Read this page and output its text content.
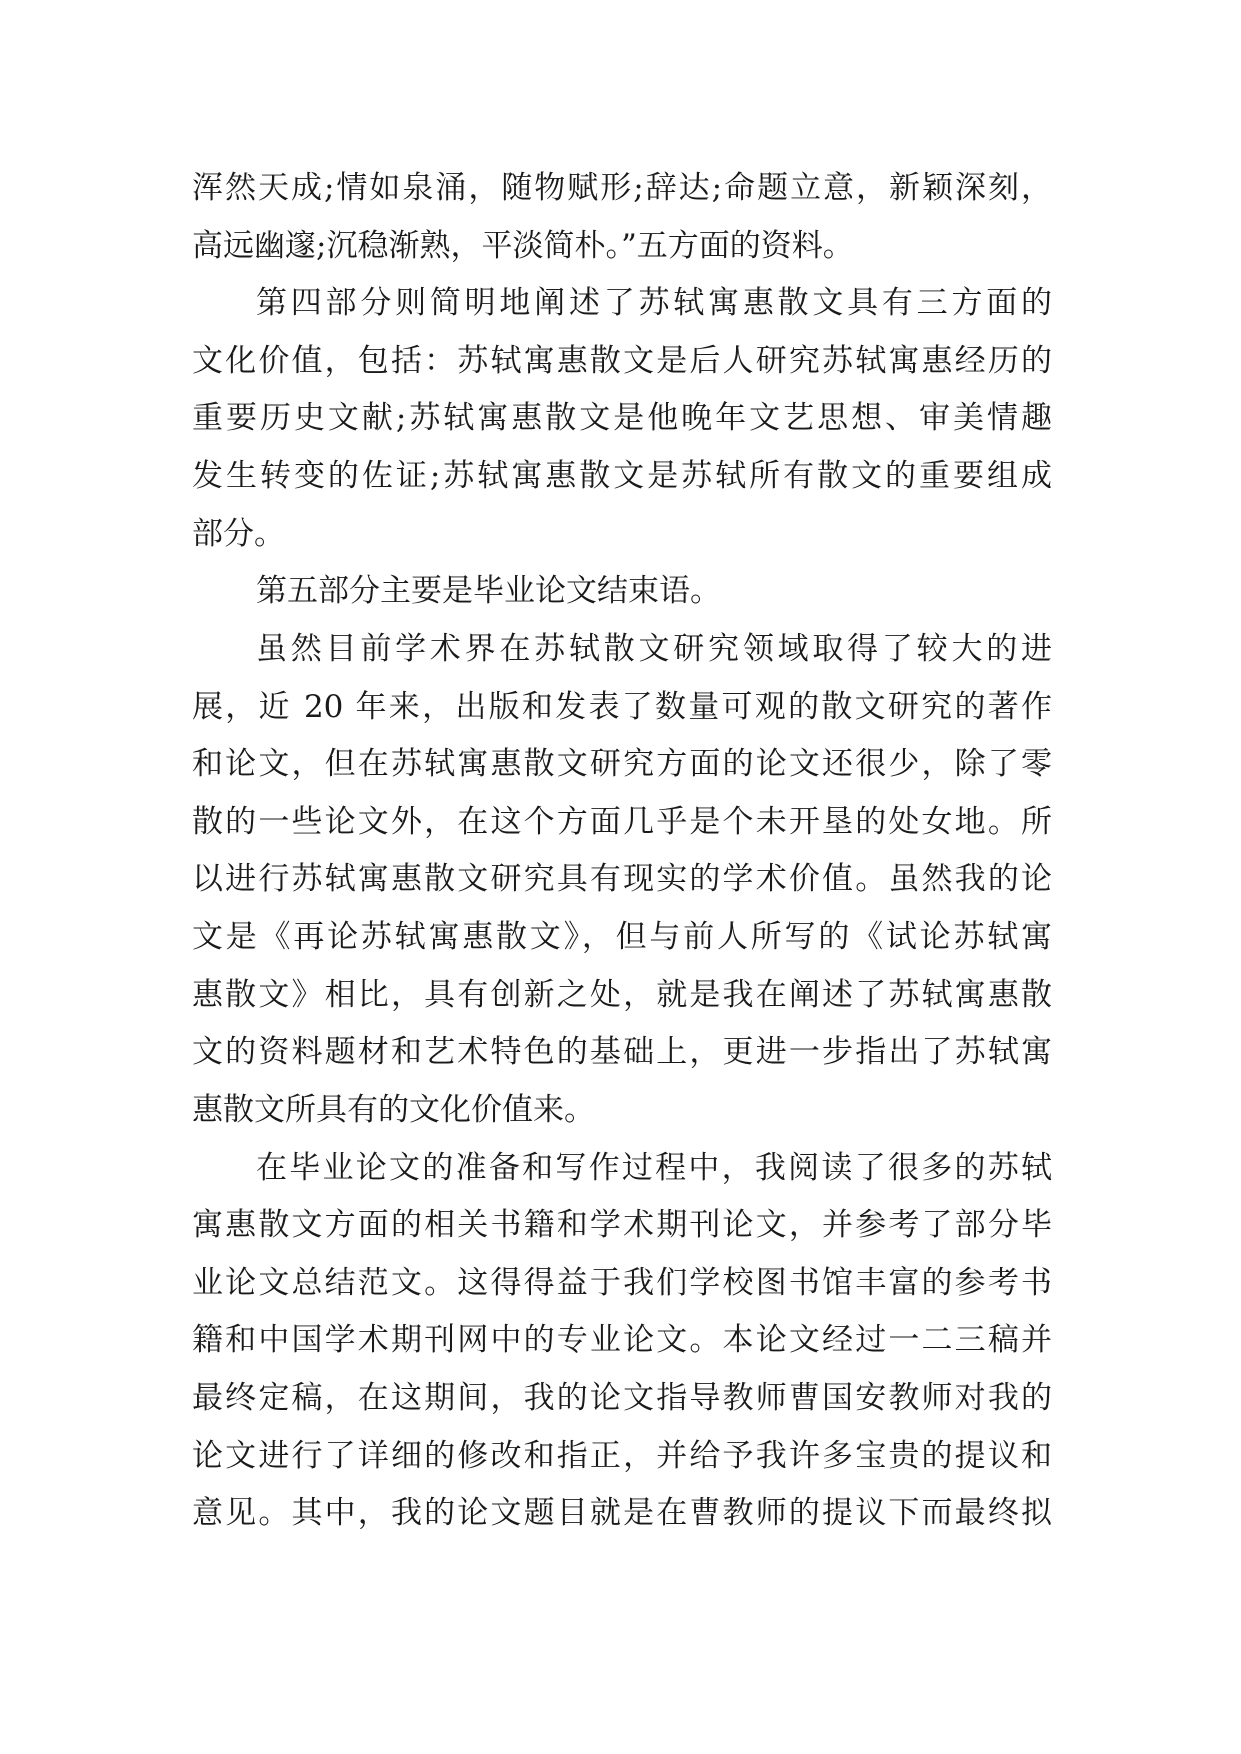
浑然天成;情如泉涌，随物赋形;辞达;命题立意，新颖深刻，

高远幽邃;沉稳渐熟，平淡简朴。”五方面的资料。

第四部分则简明地阐述了苏轼寓惠散文具有三方面的

文化价值，包括：苏轼寓惠散文是后人研究苏轼寓惠经历的

重要历史文献;苏轼寓惠散文是他晚年文艺思想、审美情趣

发生转变的佐证;苏轼寓惠散文是苏轼所有散文的重要组成

部分。

第五部分主要是毕业论文结束语。

虽然目前学术界在苏轼散文研究领域取得了较大的进

展，近 20 年来，出版和发表了数量可观的散文研究的著作

和论文，但在苏轼寓惠散文研究方面的论文还很少，除了零

散的一些论文外，在这个方面几乎是个未开垦的处女地。所

以进行苏轼寓惠散文研究具有现实的学术价值。虽然我的论

文是《再论苏轼寓惠散文》，但与前人所写的《试论苏轼寓

惠散文》相比，具有创新之处，就是我在阐述了苏轼寓惠散

文的资料题材和艺术特色的基础上，更进一步指出了苏轼寓

惠散文所具有的文化价值来。

在毕业论文的准备和写作过程中，我阅读了很多的苏轼

寓惠散文方面的相关书籍和学术期刊论文，并参考了部分毕

业论文总结范文。这得得益于我们学校图书馆丰富的参考书

籍和中国学术期刊网中的专业论文。本论文经过一二三稿并

最终定稿，在这期间，我的论文指导教师曹国安教师对我的

论文进行了详细的修改和指正，并给予我许多宝贵的提议和

意见。其中，我的论文题目就是在曹教师的提议下而最终拟
